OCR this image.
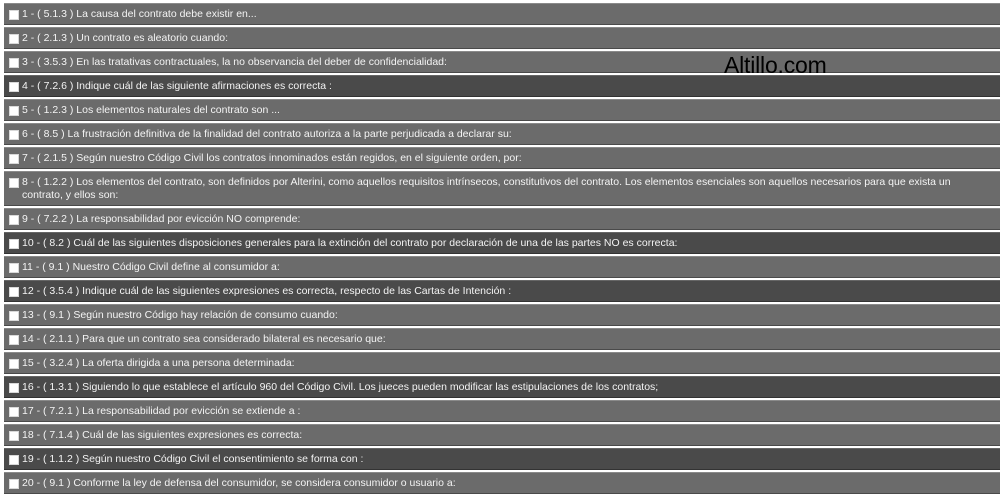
1 - ( 5.1.3 ) La causa del contrato debe existir en...
2 - ( 2.1.3 ) Un contrato es aleatorio cuando:
3 - ( 3.5.3 ) En las tratativas contractuales, la no observancia del deber de confidencialidad:
4 - ( 7.2.6 ) Indique cuál de las siguiente afirmaciones es correcta :
5 - ( 1.2.3 ) Los elementos naturales del contrato son ...
6 - ( 8.5 ) La frustración definitiva de la finalidad del contrato autoriza a la parte perjudicada a declarar su:
7 - ( 2.1.5 ) Según nuestro Código Civil los contratos innominados están regidos, en el siguiente orden, por:
8 - ( 1.2.2 ) Los elementos del contrato, son definidos por Alterini, como aquellos requisitos intrínsecos, constitutivos del contrato. Los elementos esenciales son aquellos necesarios para que exista un contrato, y ellos son:
9 - ( 7.2.2 ) La responsabilidad por evicción NO comprende:
10 - ( 8.2 ) Cuál de las siguientes disposiciones generales para la extinción del contrato por declaración de una de las partes NO es correcta:
11 - ( 9.1 ) Nuestro Código Civil define al consumidor a:
12 - ( 3.5.4 ) Indique cuál de las siguientes expresiones es correcta, respecto de las Cartas de Intención :
13 - ( 9.1 ) Según nuestro Código hay relación de consumo cuando:
14 - ( 2.1.1 ) Para que un contrato sea considerado bilateral es necesario que:
15 - ( 3.2.4 ) La oferta dirigida a una persona determinada:
16 - ( 1.3.1 ) Siguiendo lo que establece el artículo 960 del Código Civil. Los jueces pueden modificar las estipulaciones de los contratos;
17 - ( 7.2.1 ) La responsabilidad por evicción se extiende a :
18 - ( 7.1.4 ) Cuál de las siguientes expresiones es correcta:
19 - ( 1.1.2 ) Según nuestro Código Civil el consentimiento se forma con :
20 - ( 9.1 ) Conforme la ley de defensa del consumidor, se considera consumidor o usuario a:
Altillo.com
